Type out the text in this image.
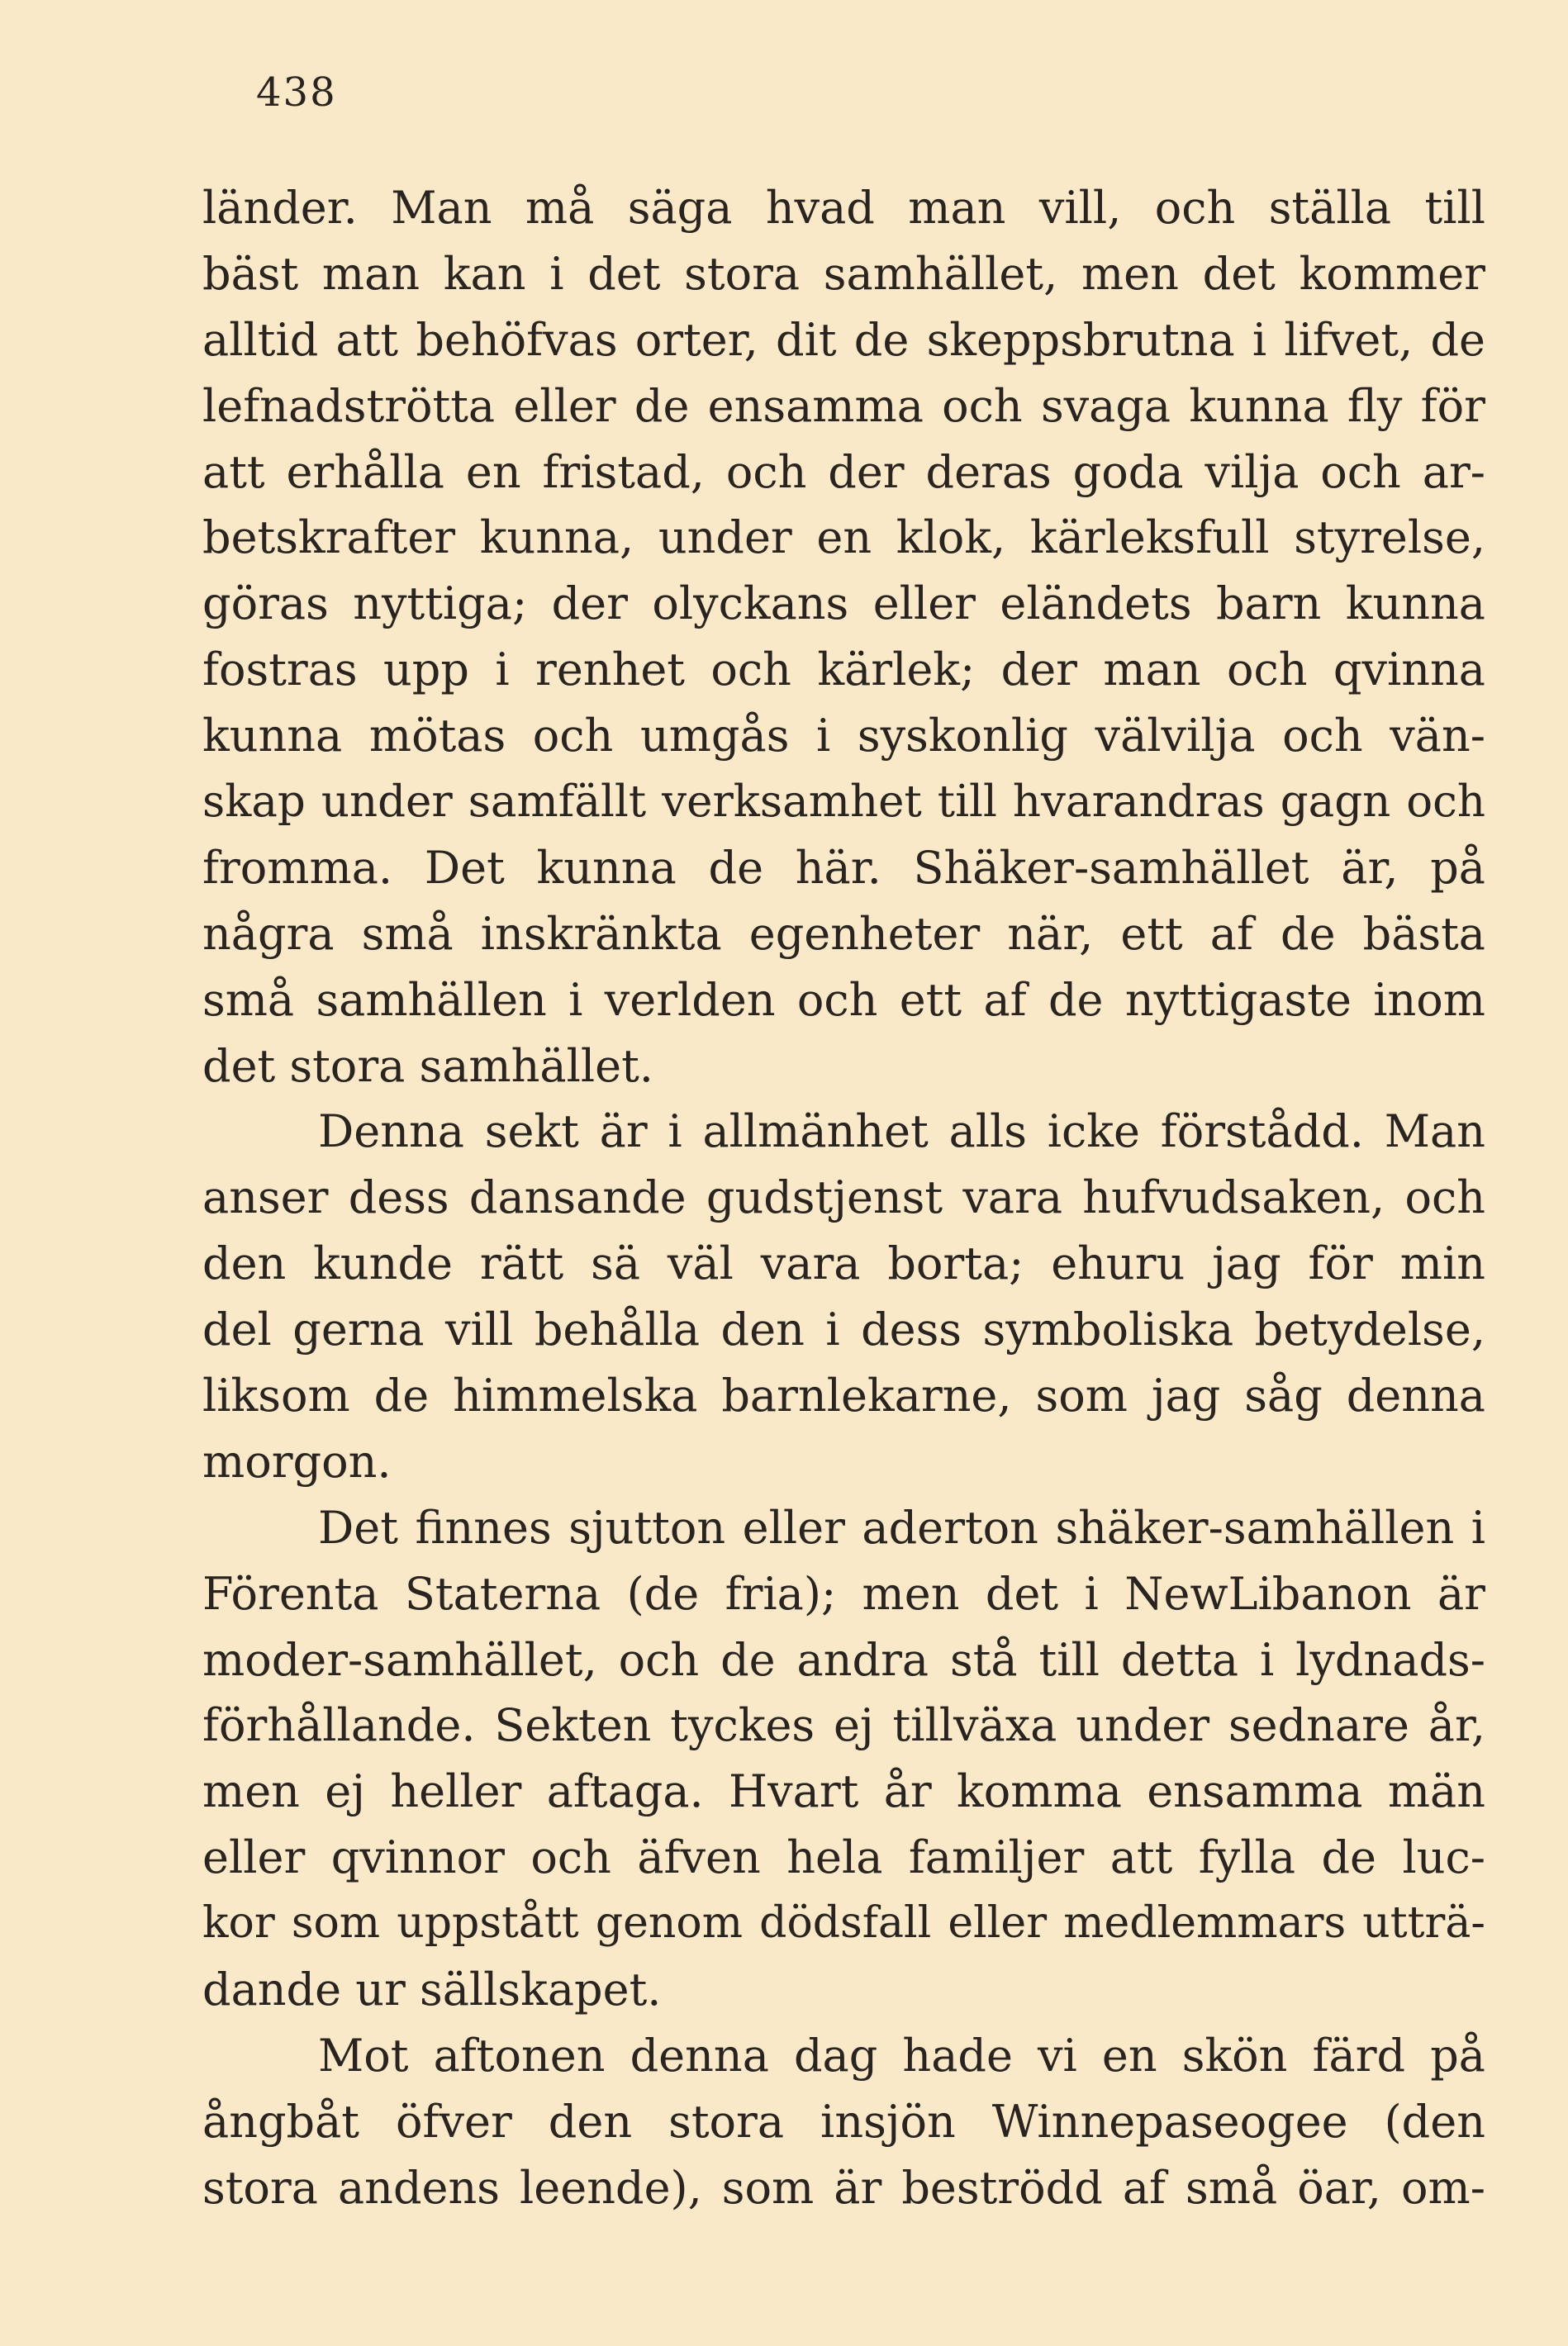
438
länder. Man må säga hvad man vill, och ställa till
bäst man kan i det stora samhället, men det kommer
alltid att behöfvas orter, dit de skeppsbrutna i lifvet, de
lefnadströtta eller de ensamma och svaga kunna fly för
att erhålla en fristad, och der deras goda vilja och ar-
betskrafter kunna, under en klok, kärleksfull styrelse,
göras nyttiga; der olyckans eller eländets barn kunna
fostras upp i renhet och kärlek; der man och qvinna
kunna mötas och umgås i syskonlig välvilja och vän-
skap under samfällt verksamhet till hvarandras gagn och
fromma. Det kunna de här. Shäker-samhället är, på
några små inskränkta egenheter när, ett af de bästa
små samhällen i verlden och ett af de nyttigaste inom
det stora samhället.
Denna sekt är i allmänhet alls icke förstådd. Man
anser dess dansande gudstjenst vara hufvudsaken, och
den kunde rätt sä väl vara borta; ehuru jag för min
del gerna vill behålla den i dess symboliska betydelse,
liksom de himmelska barnlekarne, som jag såg denna
morgon.
Det finnes sjutton eller aderton shäker-samhällen i
Förenta Staterna (de fria); men det i NewLibanon är
moder-samhället, och de andra stå till detta i lydnads-
förhållande. Sekten tyckes ej tillväxa under sednare år,
men ej heller aftaga. Hvart år komma ensamma män
eller qvinnor och äfven hela familjer att fylla de luc-
kor som uppstått genom dödsfall eller medlemmars utträ-
dande ur sällskapet.
Mot aftonen denna dag hade vi en skön färd på
ångbåt öfver den stora insjön Winnepaseogee (den
stora andens leende), som är beströdd af små öar, om-
